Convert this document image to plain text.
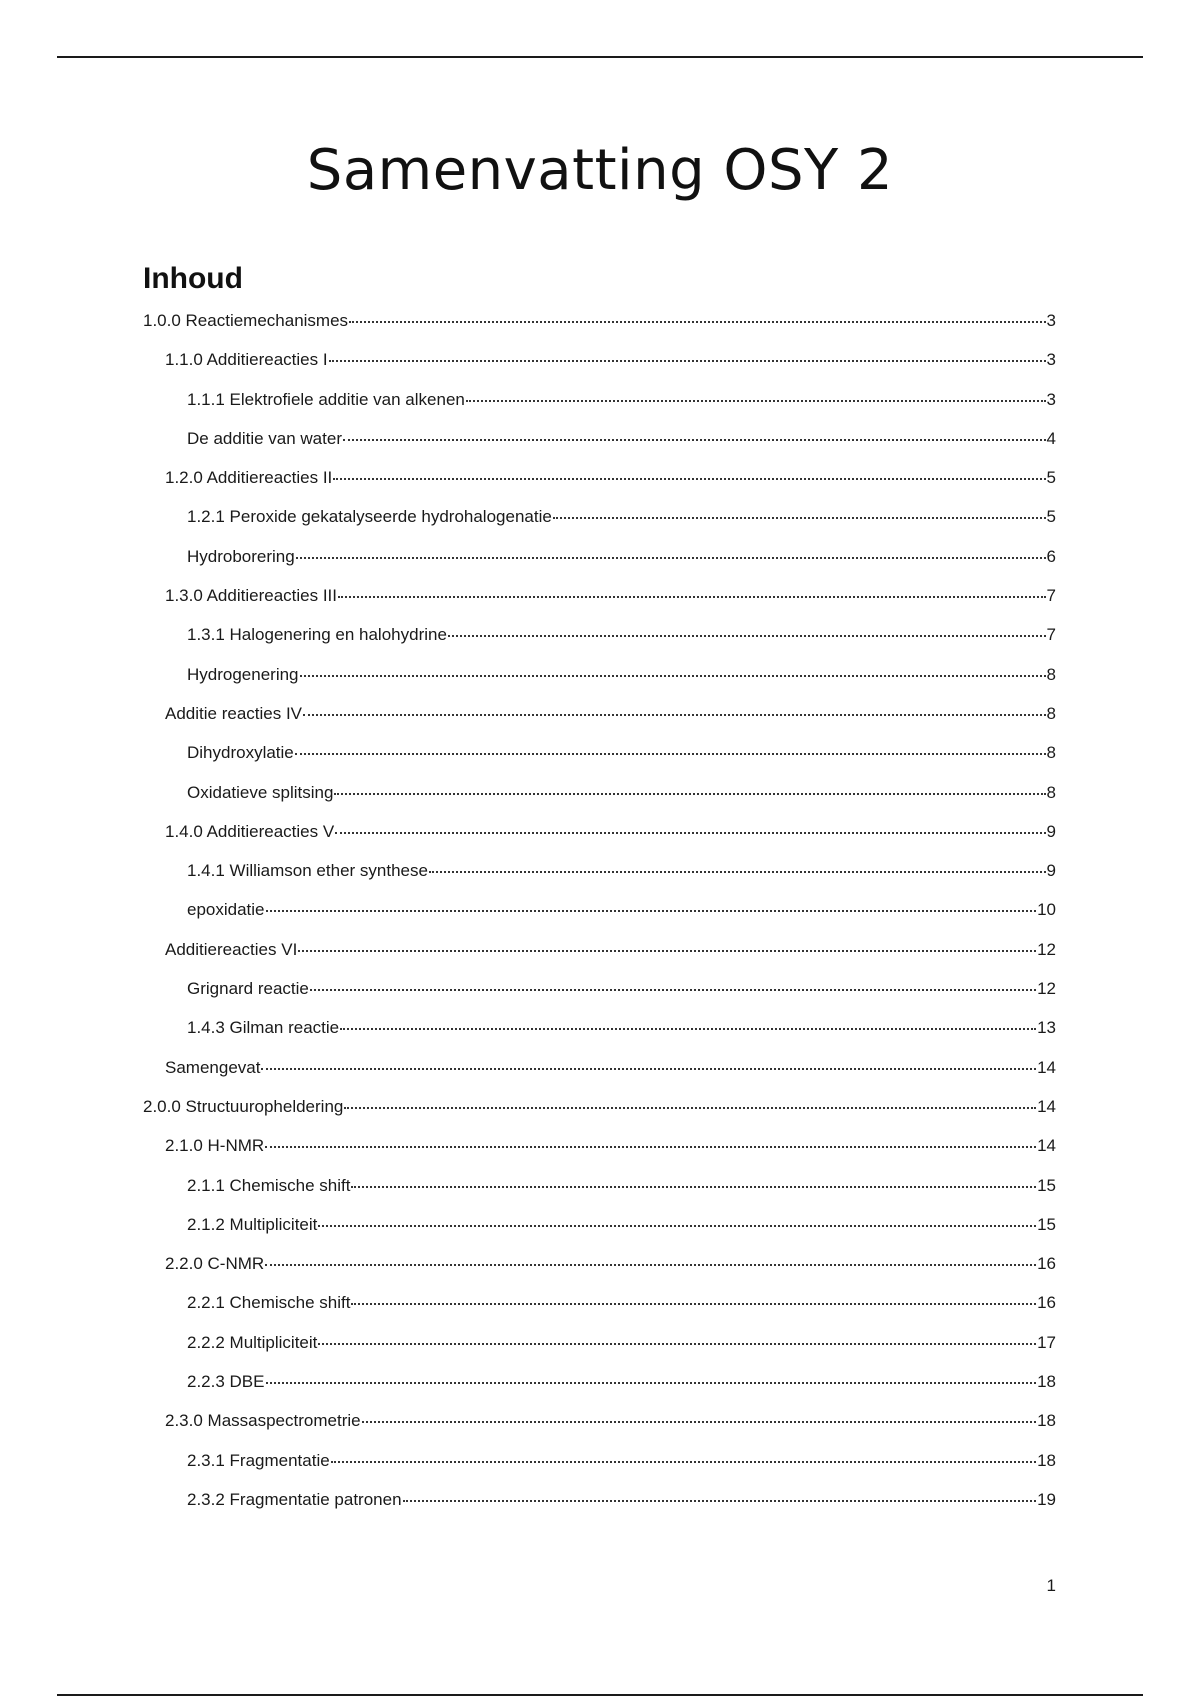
Samenvatting OSY 2
Inhoud
1.0.0 Reactiemechanismes	3
1.1.0 Additiereacties I	3
1.1.1 Elektrofiele additie van alkenen	3
De additie van water	4
1.2.0 Additiereacties II	5
1.2.1 Peroxide gekatalyseerde hydrohalogenatie	5
Hydroborering	6
1.3.0 Additiereacties III	7
1.3.1 Halogenering en halohydrine	7
Hydrogenering	8
Additie reacties IV	8
Dihydroxylatie	8
Oxidatieve splitsing	8
1.4.0 Additiereacties V	9
1.4.1 Williamson ether synthese	9
epoxidatie	10
Additiereacties VI	12
Grignard reactie	12
1.4.3 Gilman reactie	13
Samengevat	14
2.0.0 Structuuropheldering	14
2.1.0 H-NMR	14
2.1.1 Chemische shift	15
2.1.2 Multipliciteit	15
2.2.0 C-NMR	16
2.2.1 Chemische shift	16
2.2.2 Multipliciteit	17
2.2.3 DBE	18
2.3.0 Massaspectrometrie	18
2.3.1 Fragmentatie	18
2.3.2 Fragmentatie patronen	19
1
